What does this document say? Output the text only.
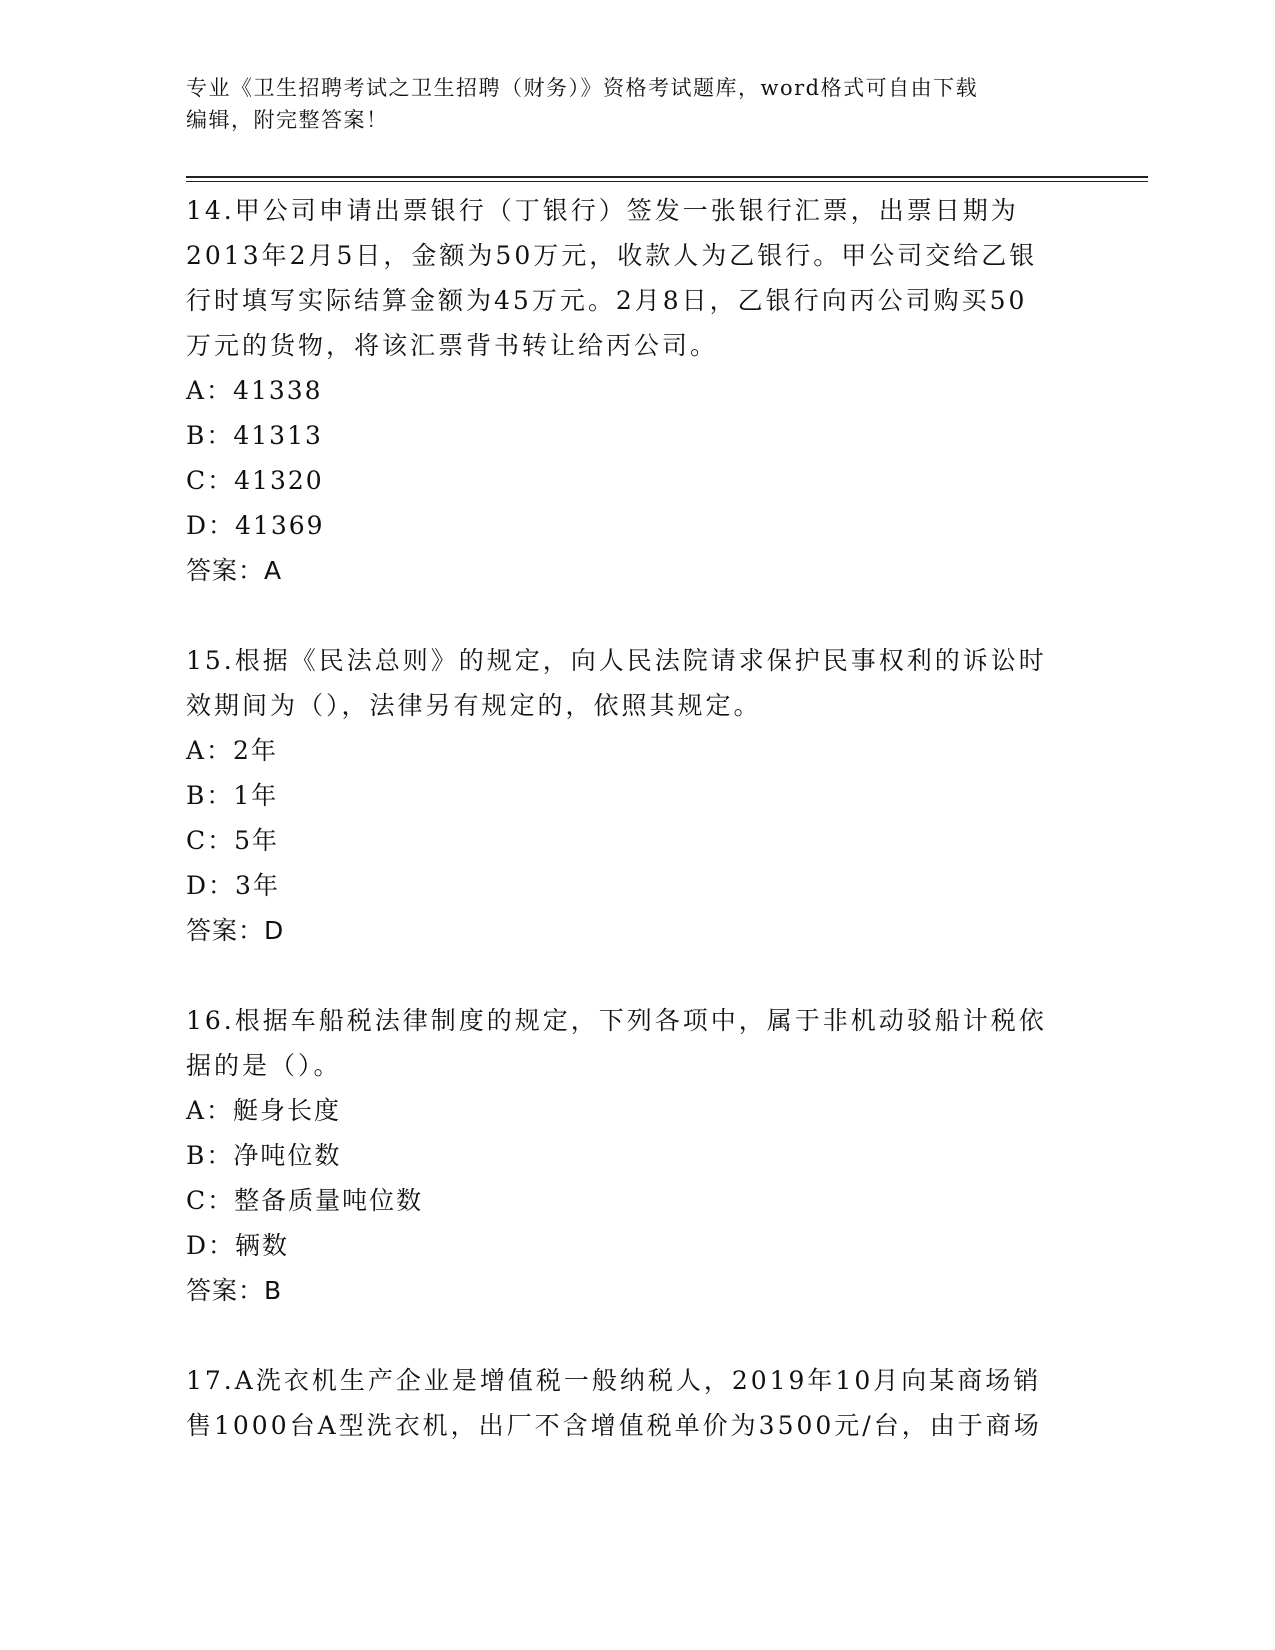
专业《卫生招聘考试之卫生招聘（财务）》资格考试题库，word格式可自由下载
编辑，附完整答案！
14.甲公司申请出票银行（丁银行）签发一张银行汇票，出票日期为
2013年2月5日，金额为50万元，收款人为乙银行。甲公司交给乙银
行时填写实际结算金额为45万元。2月8日，乙银行向丙公司购买50
万元的货物，将该汇票背书转让给丙公司。
A：41338
B：41313
C：41320
D：41369
答案：A
15.根据《民法总则》的规定，向人民法院请求保护民事权利的诉讼时
效期间为（），法律另有规定的，依照其规定。
A：2年
B：1年
C：5年
D：3年
答案：D
16.根据车船税法律制度的规定，下列各项中，属于非机动驳船计税依
据的是（）。
A：艇身长度
B：净吨位数
C：整备质量吨位数
D：辆数
答案：B
17.A洗衣机生产企业是增值税一般纳税人，2019年10月向某商场销
售1000台A型洗衣机，出厂不含增值税单价为3500元/台，由于商场
